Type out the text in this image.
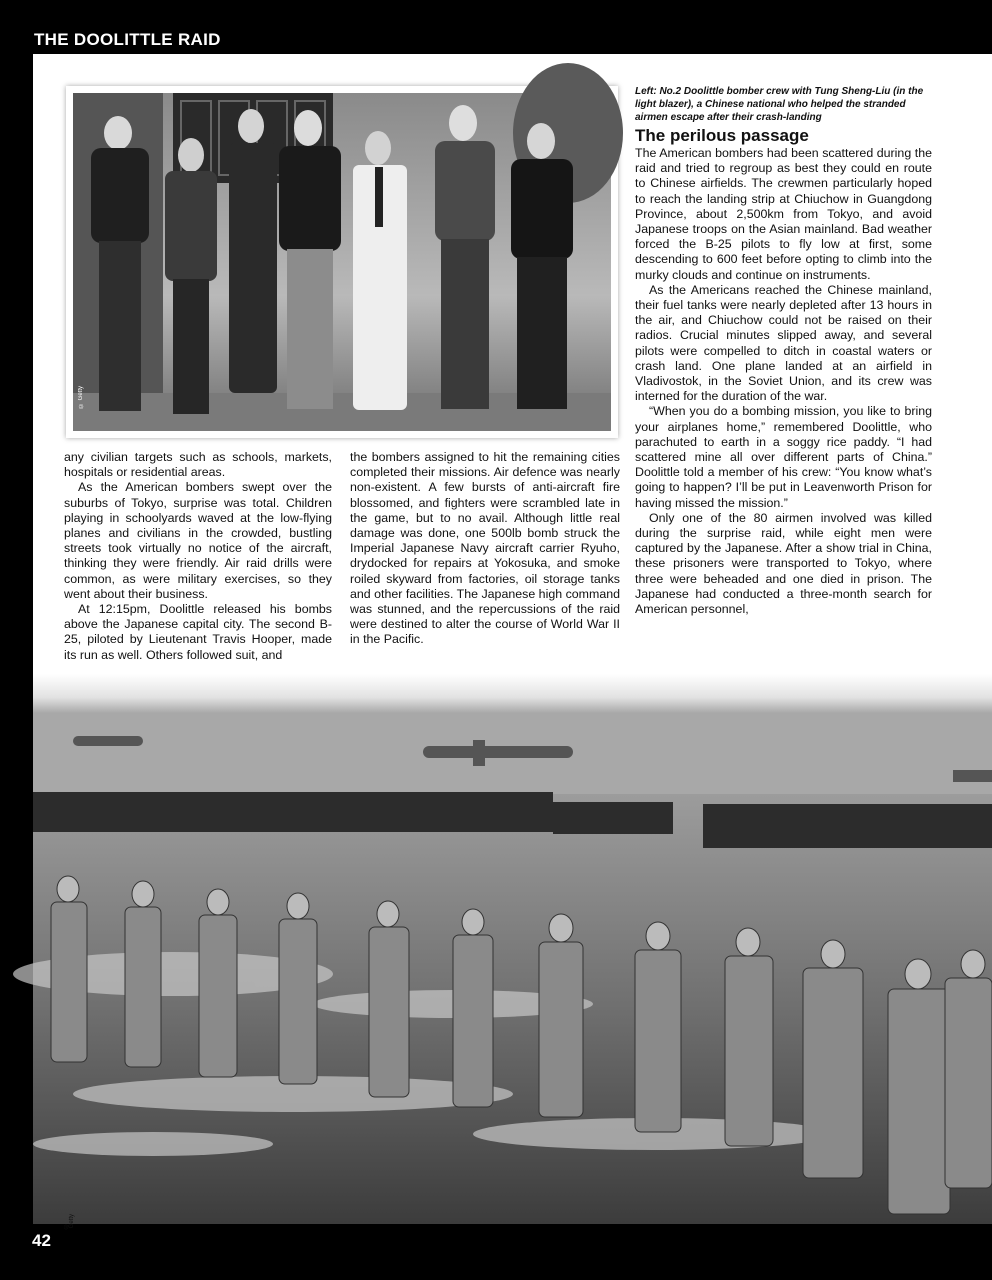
THE DOOLITTLE RAID
© Getty
Left: No.2 Doolittle bomber crew with Tung Sheng-Liu (in the light blazer), a Chinese national who helped the stranded airmen escape after their crash-landing
The perilous passage

The American bombers had been scattered during the raid and tried to regroup as best they could en route to Chinese airfields. The crewmen particularly hoped to reach the landing strip at Chiuchow in Guangdong Province, about 2,500km from Tokyo, and avoid Japanese troops on the Asian mainland. Bad weather forced the B-25 pilots to fly low at first, some descending to 600 feet before opting to climb into the murky clouds and continue on instruments.

As the Americans reached the Chinese mainland, their fuel tanks were nearly depleted after 13 hours in the air, and Chiuchow could not be raised on their radios. Crucial minutes slipped away, and several pilots were compelled to ditch in coastal waters or crash land. One plane landed at an airfield in Vladivostok, in the Soviet Union, and its crew was interned for the duration of the war.

“When you do a bombing mission, you like to bring your airplanes home,” remembered Doolittle, who parachuted to earth in a soggy rice paddy. “I had scattered mine all over different parts of China.” Doolittle told a member of his crew: “You know what’s going to happen? I’ll be put in Leavenworth Prison for having missed the mission.”

Only one of the 80 airmen involved was killed during the surprise raid, while eight men were captured by the Japanese. After a show trial in China, these prisoners were transported to Tokyo, where three were beheaded and one died in prison. The Japanese had conducted a three-month search for American personnel,

any civilian targets such as schools, markets, hospitals or residential areas.

As the American bombers swept over the suburbs of Tokyo, surprise was total. Children playing in schoolyards waved at the low-flying planes and civilians in the crowded, bustling streets took virtually no notice of the aircraft, thinking they were friendly. Air raid drills were common, as were military exercises, so they went about their business.

At 12:15pm, Doolittle released his bombs above the Japanese capital city. The second B-25, piloted by Lieutenant Travis Hooper, made its run as well. Others followed suit, and

the bombers assigned to hit the remaining cities completed their missions. Air defence was nearly non-existent. A few bursts of anti-aircraft fire blossomed, and fighters were scrambled late in the game, but to no avail. Although little real damage was done, one 500lb bomb struck the Imperial Japanese Navy aircraft carrier Ryuho, drydocked for repairs at Yokosuka, and smoke roiled skyward from factories, oil storage tanks and other facilities. The Japanese high command was stunned, and the repercussions of the raid were destined to alter the course of World War II in the Pacific.

© Getty
42
